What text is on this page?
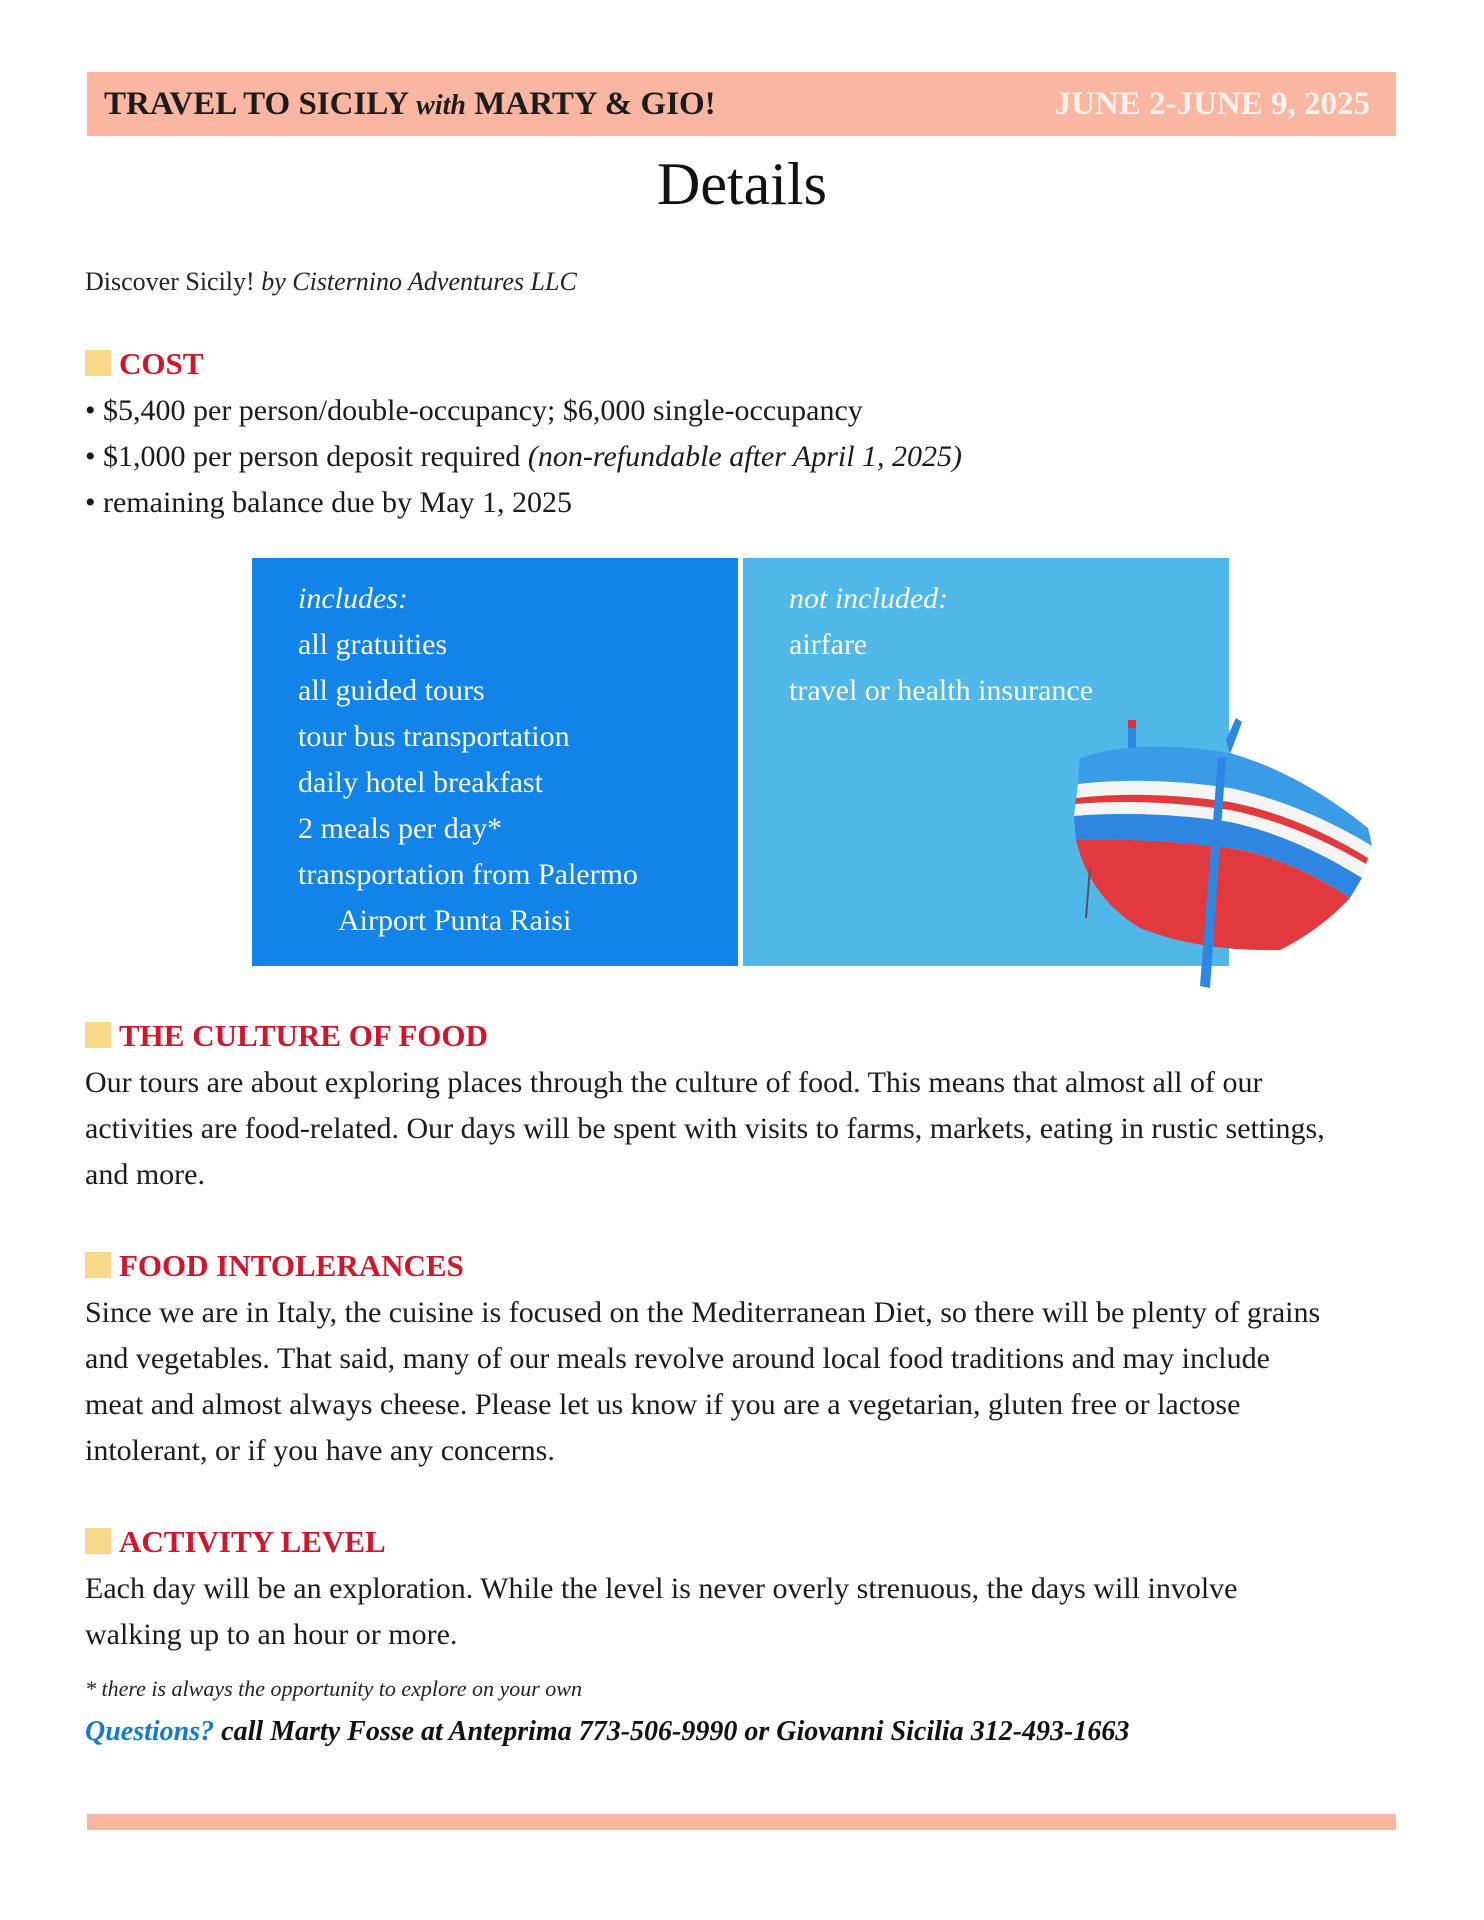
TRAVEL TO SICILY with MARTY & GIO!	JUNE 2-JUNE 9, 2025
Details
Discover Sicily! by Cisternino Adventures LLC
COST
• $5,400 per person/double-occupancy; $6,000 single-occupancy
• $1,000 per person deposit required (non-refundable after April 1, 2025)
• remaining balance due by May 1, 2025
includes:
all gratuities
all guided tours
tour bus transportation
daily hotel breakfast
2 meals per day*
transportation from Palermo
Airport Punta Raisi
not included:
airfare
travel or health insurance
THE CULTURE OF FOOD
Our tours are about exploring places through the culture of food. This means that almost all of our activities are food-related. Our days will be spent with visits to farms, markets, eating in rustic settings, and more.
FOOD INTOLERANCES
Since we are in Italy, the cuisine is focused on the Mediterranean Diet, so there will be plenty of grains and vegetables. That said, many of our meals revolve around local food traditions and may include meat and almost always cheese. Please let us know if you are a vegetarian, gluten free or lactose intolerant, or if you have any concerns.
ACTIVITY LEVEL
Each day will be an exploration. While the level is never overly strenuous, the days will involve walking up to an hour or more.
* there is always the opportunity to explore on your own
Questions? call Marty Fosse at Anteprima 773-506-9990 or Giovanni Sicilia 312-493-1663
